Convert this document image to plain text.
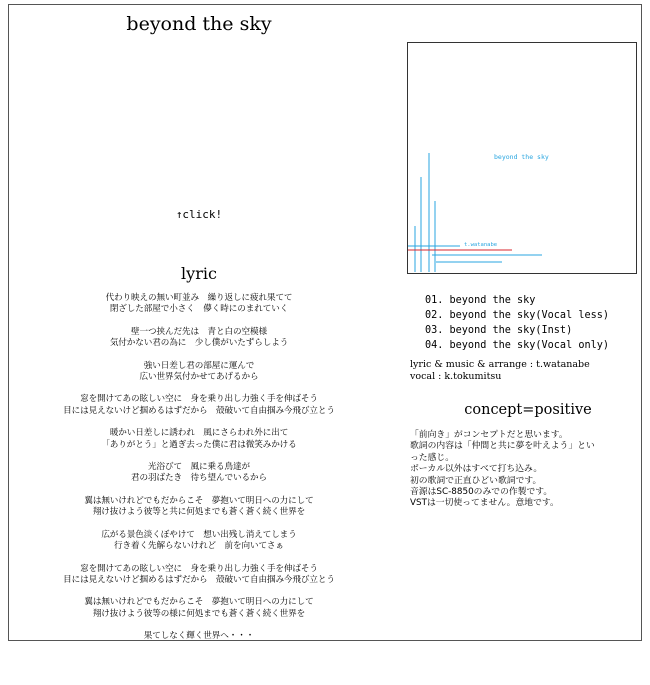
beyond the sky
↑click!
lyric
代わり映えの無い町並み　繰り返しに疲れ果てて
閉ざした部屋で小さく　儚く時にのまれていく
壁一つ挟んだ先は　青と白の空模様
気付かない君の為に　少し僕がいたずらしよう
強い日差し君の部屋に運んで
広い世界気付かせてあげるから
窓を開けてあの眩しい空に　身を乗り出し力強く手を伸ばそう
目には見えないけど掴めるはずだから　殻破いて自由掴み今飛び立とう
暖かい日差しに誘われ　風にさらわれ外に出て
「ありがとう」と過ぎ去った僕に君は微笑みかける
光浴びて　風に乗る鳥達が
君の羽ばたき　待ち望んでいるから
翼は無いけれどでもだからこそ　夢抱いて明日への力にして
翔け抜けよう彼等と共に何処までも蒼く蒼く続く世界を
広がる景色淡くぼやけて　想い出残し消えてしまう
行き着く先解らないけれど　前を向いてさぁ
窓を開けてあの眩しい空に　身を乗り出し力強く手を伸ばそう
目には見えないけど掴めるはずだから　殻破いて自由掴み今飛び立とう
翼は無いけれどでもだからこそ　夢抱いて明日への力にして
翔け抜けよう彼等の様に何処までも蒼く蒼く続く世界を
果てしなく輝く世界へ・・・
beyond the sky
t.watanabe
01. beyond the sky
02. beyond the sky(Vocal less)
03. beyond the sky(Inst)
04. beyond the sky(Vocal only)
lyric & music & arrange : t.watanabe
vocal : k.tokumitsu
concept=positive
「前向き」がコンセプトだと思います。
歌詞の内容は「仲間と共に夢を叶えよう」とい
った感じ。
ボーカル以外はすべて打ち込み。
初の歌詞で正直ひどい歌詞です。
音源はSC-8850のみでの作製です。
VSTは一切使ってません。意地です。
